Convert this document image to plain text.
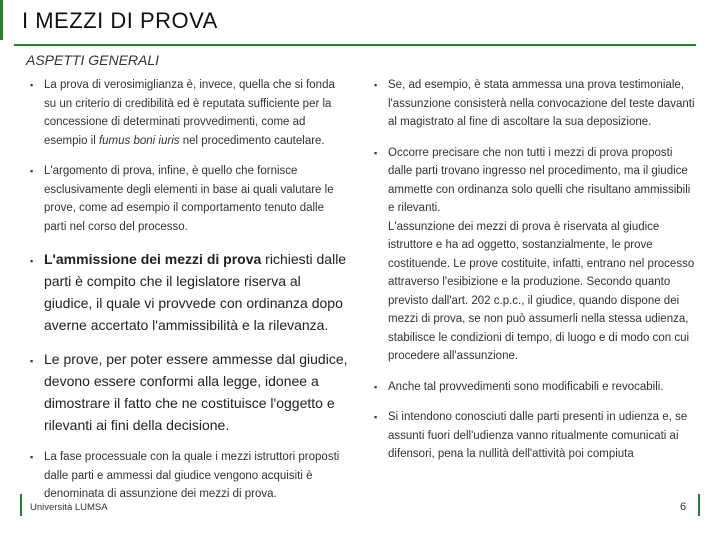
I MEZZI DI PROVA
ASPETTI GENERALI
▪ La prova di verosimiglianza è, invece, quella che si fonda su un criterio di credibilità ed è reputata sufficiente per la concessione di determinati provvedimenti, come ad esempio il fumus boni iuris nel procedimento cautelare.
▪ L'argomento di prova, infine, è quello che fornisce esclusivamente degli elementi in base ai quali valutare le prove, come ad esempio il comportamento tenuto dalle parti nel corso del processo.
▪ L'ammissione dei mezzi di prova richiesti dalle parti è compito che il legislatore riserva al giudice, il quale vi provvede con ordinanza dopo averne accertato l'ammissibilità e la rilevanza.
▪ Le prove, per poter essere ammesse dal giudice, devono essere conformi alla legge, idonee a dimostrare il fatto che ne costituisce l'oggetto e rilevanti ai fini della decisione.
▪ La fase processuale con la quale i mezzi istruttori proposti dalle parti e ammessi dal giudice vengono acquisiti è denominata di assunzione dei mezzi di prova.
▪ Se, ad esempio, è stata ammessa una prova testimoniale, l'assunzione consisterà nella convocazione del teste davanti al magistrato al fine di ascoltare la sua deposizione.
▪ Occorre precisare che non tutti i mezzi di prova proposti dalle parti trovano ingresso nel procedimento, ma il giudice ammette con ordinanza solo quelli che risultano ammissibili e rilevanti.
L'assunzione dei mezzi di prova è riservata al giudice istruttore e ha ad oggetto, sostanzialmente, le prove costituende. Le prove costituite, infatti, entrano nel processo attraverso l'esibizione e la produzione. Secondo quanto previsto dall'art. 202 c.p.c., il giudice, quando dispone dei mezzi di prova, se non può assumerli nella stessa udienza, stabilisce le condizioni di tempo, di luogo e di modo con cui procedere all'assunzione.
▪ Anche tal provvedimenti sono modificabili e revocabili.
▪ Si intendono conosciuti dalle parti presenti in udienza e, se assunti fuori dell'udienza vanno ritualmente comunicati ai difensori, pena la nullità dell'attività poi compiuta
Università LUMSA	6
